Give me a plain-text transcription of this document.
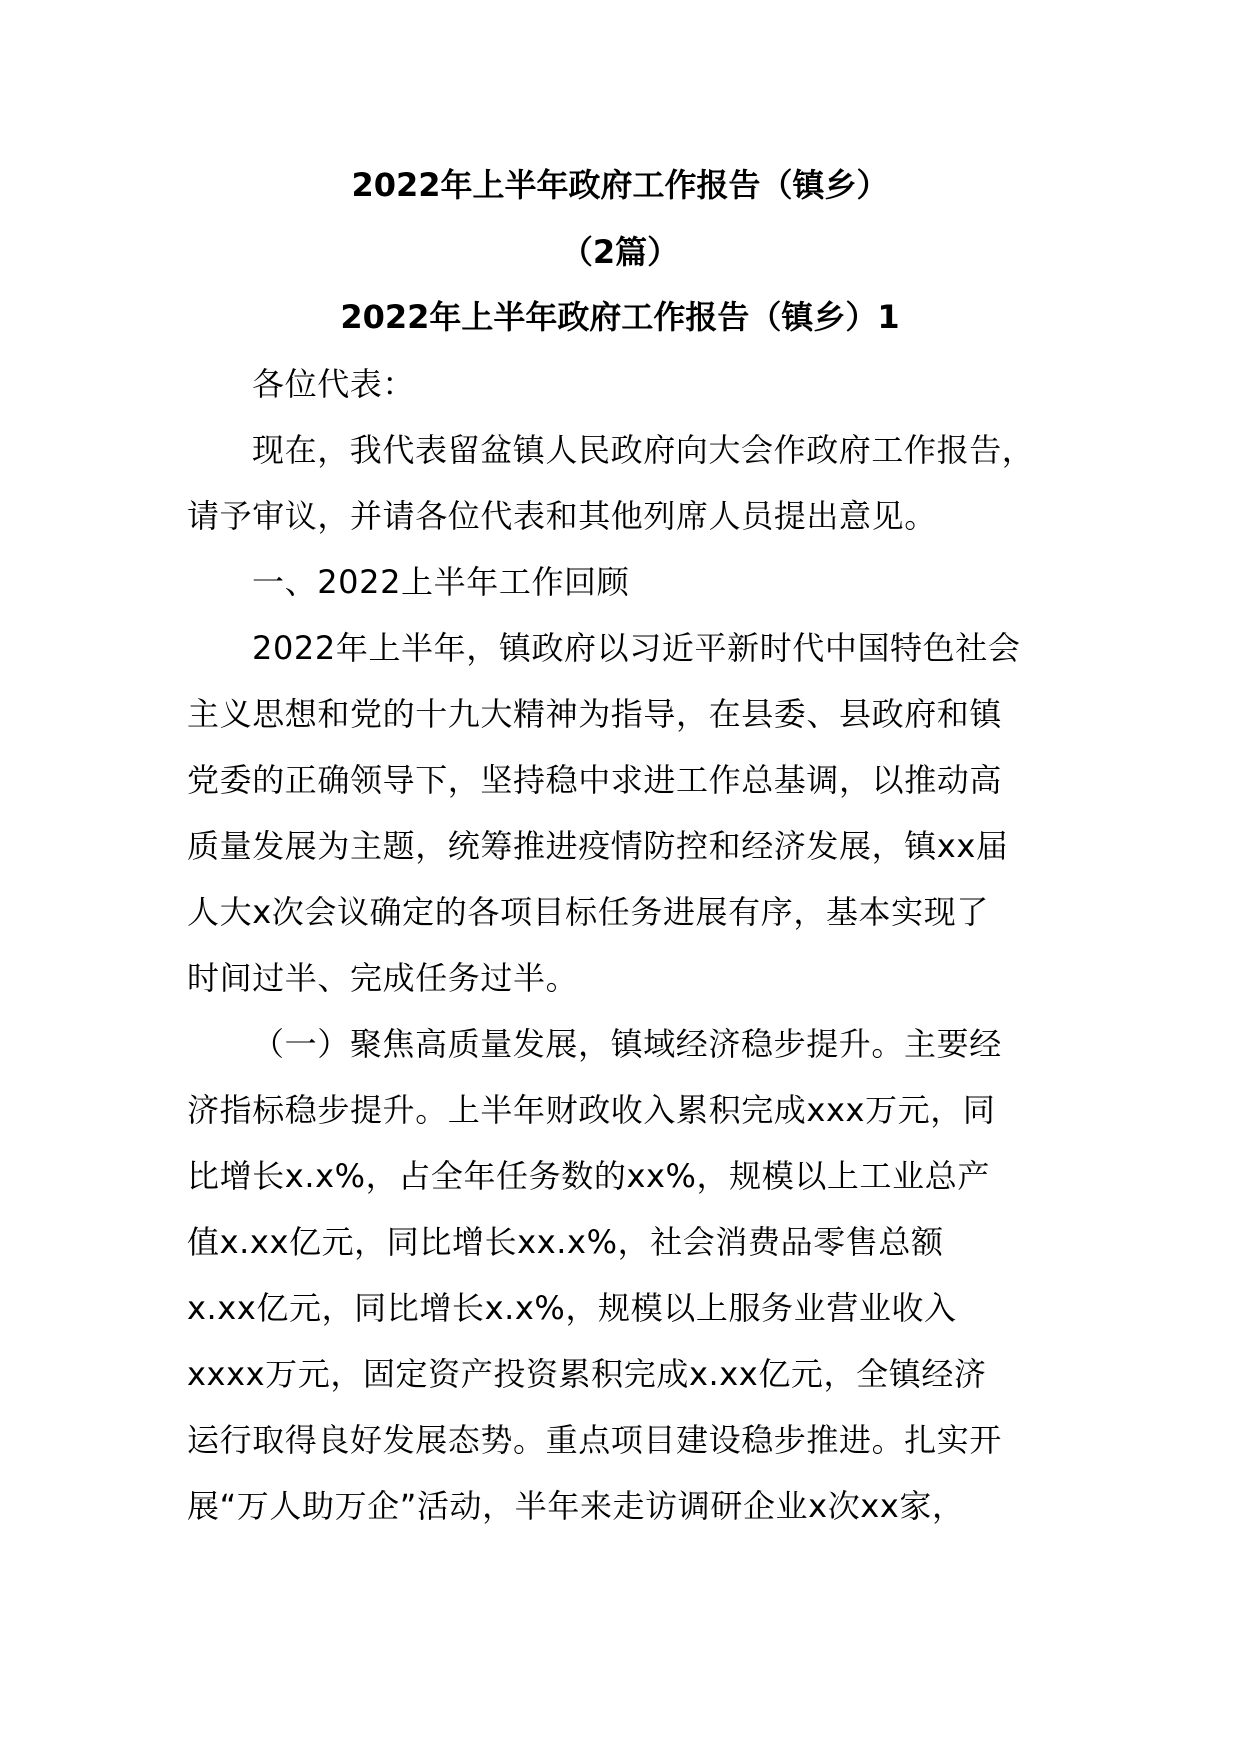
2022年上半年政府工作报告（镇乡）
（2篇）
2022年上半年政府工作报告（镇乡）1
各位代表：
现在，我代表留盆镇人民政府向大会作政府工作报告，
请予审议，并请各位代表和其他列席人员提出意见。
一、2022上半年工作回顾
2022年上半年，镇政府以习近平新时代中国特色社会
主义思想和党的十九大精神为指导，在县委、县政府和镇
党委的正确领导下，坚持稳中求进工作总基调，以推动高
质量发展为主题，统筹推进疫情防控和经济发展，镇xx届
人大x次会议确定的各项目标任务进展有序，基本实现了
时间过半、完成任务过半。
（一）聚焦高质量发展，镇域经济稳步提升。主要经
济指标稳步提升。上半年财政收入累积完成xxx万元，同
比增长x.x%，占全年任务数的xx%，规模以上工业总产
值x.xx亿元，同比增长xx.x%，社会消费品零售总额
x.xx亿元，同比增长x.x%，规模以上服务业营业收入
xxxx万元，固定资产投资累积完成x.xx亿元，全镇经济
运行取得良好发展态势。重点项目建设稳步推进。扎实开
展“万人助万企”活动，半年来走访调研企业x次xx家，
